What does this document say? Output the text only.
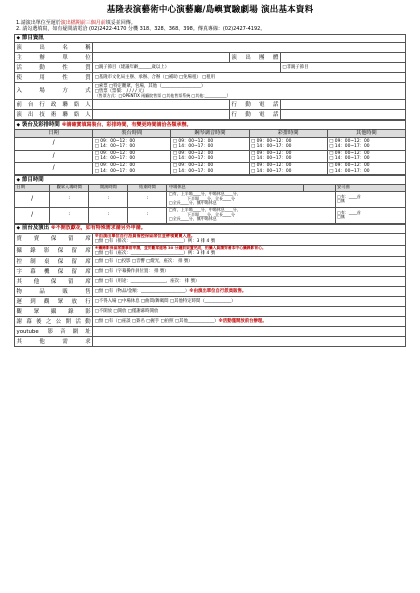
基隆表演藝術中心演藝廳/島嶼實驗劇場 演出基本資料
1.請演出單位至遲於演出檔期前三個月前填妥並回傳。
2. 請勾選填寫，如有疑問請電洽 (02)2422-4170 分機 318、328、368、398。傳真專線：(02)2427-4192。
◆ 節目資訊			
演出名稱			
主辦單位		演出團體	
活動性質	□親子節目（建議年齡______歲以上）		□非親子節目
使用性質	□基隆市文化局主辦、承辦、合辦（□補助 □免場租） □租用		
入場方式	□索票 □特定觀眾，包場，其他（__________________）
□售票（票價： / / / / 元）
（售票方式：□OPENTIX 兩廳院售票 □其他售票系統 □其他:___________）		

前台行政聯絡人		行動電話	
演出技術聯絡人		行動電話	
◆ 裝台及彩排時間 ※請確實填寫裝台、彩排時間，有變更時間請洽各類承辦。				
日期	裝台時間	鋼琴調音時間	彩排時間	其他時間
/	□ 09：00~12：00
□ 14：00~17：00	□ 09：00~12：00
□ 14：00~17：00	□ 09：00~12：00
□ 14：00~17：00	□ 09：00~12：00
□ 14：00~17：00

/	□ 09：00~12：00
□ 14：00~17：00	□ 09：00~12：00
□ 14：00~17：00	□ 09：00~12：00
□ 14：00~17：00	□ 09：00~12：00
□ 14：00~17：00

/	□ 09：00~12：00
□ 14：00~17：00	□ 09：00~12：00
□ 14：00~17：00	□ 09：00~12：00
□ 14：00~17：00	□ 09：00~12：00
□ 14：00~17：00
◆ 節目時間						
日期	觀眾入場時間	開演時間	結束時間	中場休息		安可曲
/	:	:	:	□有，上半場____分，中場休息____分，
下半場____分，全長____分
□全長____分，無中場休息		□有：____首
□無

/	:	:	:	□有，上半場____分，中場休息____分，
下半場____分，全長____分
□全長____分，無中場休息		□有：____首
□無
◆ 前台及演出 ※不開放獻花，如有特殊需求請另外申請。	
賣賣保留席	※由演出單位自行派員管控保留席位並帶領賣賣入座。
□無 □有（排次：________________________）例：3 排 4 號

攝錄影保留席	※攝錄影保留席請事前申請，並於觀眾進場 30 分鐘前架置完成，拍攝人員請穿著本中心攝錄影背心。
□無 □有（座次：________________________）例：3 排 4 號

控制桌保留席	□無 □有（□投影 □音響 □燈光，座次： 排 號）
字幕機保留席	□無 □有（字幕操作員位置： 排 號）
其他保留席	□無 □有（用途：________________，座次： 排 號）
物品販售	□無 □有（物品/金額：____________________）※由演出單位自行派員販售。
遲到觀眾放行	□不得入場 □中場休息 □曲間/舞碼間 □其他特定時間（____________）
觀眾攝錄影	□不開放 □開放 □僅謝幕時開放
謝幕後之公開活動	□無 □有（□座談 □簽名 □握手 □拍照 □其他____________）※活動僅開放前台辦理。
youtube 影音網址	
其他需求	
